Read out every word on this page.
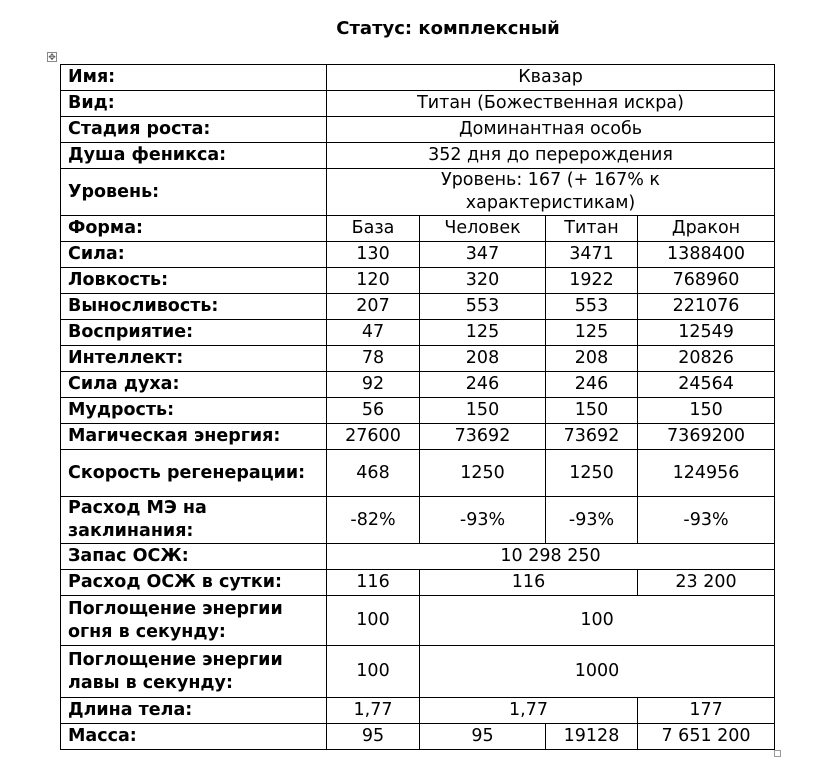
Статус: комплексный
✥
Имя:	Квазар			
Вид:	Титан (Божественная искра)			
Стадия роста:	Доминантная особь			
Душа феникса:	352 дня до перерождения			
Уровень:	Уровень: 167 (+ 167% к характеристикам)			
Форма:	База	Человек	Титан	Дракон
Сила:	130	347	3471	1388400
Ловкость:	120	320	1922	768960
Выносливость:	207	553	553	221076
Восприятие:	47	125	125	12549
Интеллект:	78	208	208	20826
Сила духа:	92	246	246	24564
Мудрость:	56	150	150	150
Магическая энергия:	27600	73692	73692	7369200
Скорость регенерации:	468	1250	1250	124956
Расход МЭ на заклинания:	-82%	-93%	-93%	-93%
Запас ОСЖ:	10 298 250			
Расход ОСЖ в сутки:	116	116		23 200
Поглощение энергии огня в секунду:	100	100		
Поглощение энергии лавы в секунду:	100	1000		
Длина тела:	1,77	1,77		177
Масса:	95	95	19128	7 651 200
